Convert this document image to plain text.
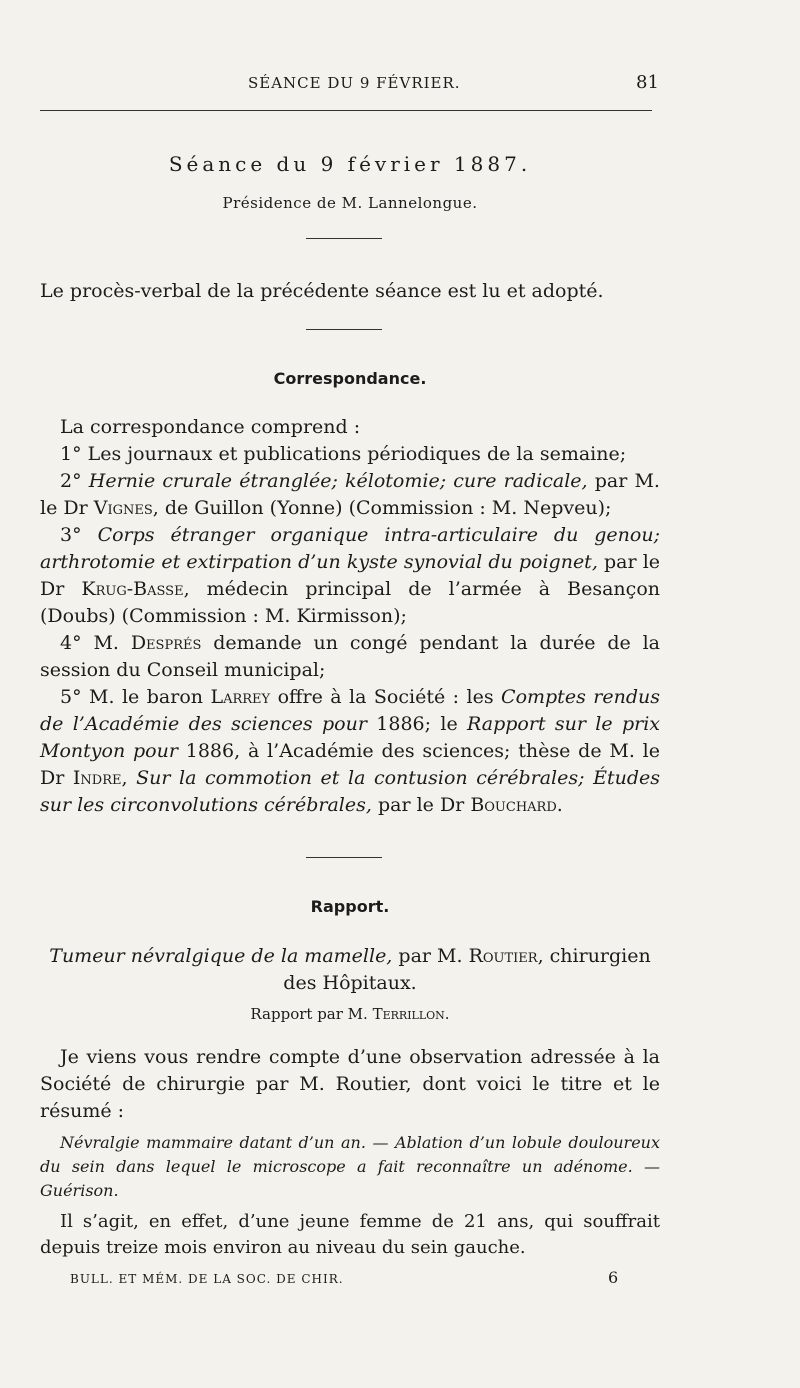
SÉANCE DU 9 FÉVRIER.	81
Séance du 9 février 1887.
Présidence de M. Lannelongue.

Le procès-verbal de la précédente séance est lu et adopté.

Correspondance.

La correspondance comprend :

1° Les journaux et publications périodiques de la semaine;

2° Hernie crurale étranglée; kélotomie; cure radicale, par M. le Dr Vignes, de Guillon (Yonne) (Commission : M. Nepveu);

3° Corps étranger organique intra-articulaire du genou; arthrotomie et extirpation d’un kyste synovial du poignet, par le Dr Krug-Basse, médecin principal de l’armée à Besançon (Doubs) (Commission : M. Kirmisson);

4° M. Després demande un congé pendant la durée de la session du Conseil municipal;

5° M. le baron Larrey offre à la Société : les Comptes rendus de l’Académie des sciences pour 1886; le Rapport sur le prix Montyon pour 1886, à l’Académie des sciences; thèse de M. le Dr Indre, Sur la commotion et la contusion cérébrales; Études sur les circonvolutions cérébrales, par le Dr Bouchard.

Rapport.

Tumeur névralgique de la mamelle, par M. Routier, chirurgien des Hôpitaux.

Rapport par M. Terrillon.

Je viens vous rendre compte d’une observation adressée à la Société de chirurgie par M. Routier, dont voici le titre et le résumé :

Névralgie mammaire datant d’un an. — Ablation d’un lobule douloureux du sein dans lequel le microscope a fait reconnaître un adénome. — Guérison.

Il s’agit, en effet, d’une jeune femme de 21 ans, qui souffrait depuis treize mois environ au niveau du sein gauche.

BULL. ET MÉM. DE LA SOC. DE CHIR.	6
